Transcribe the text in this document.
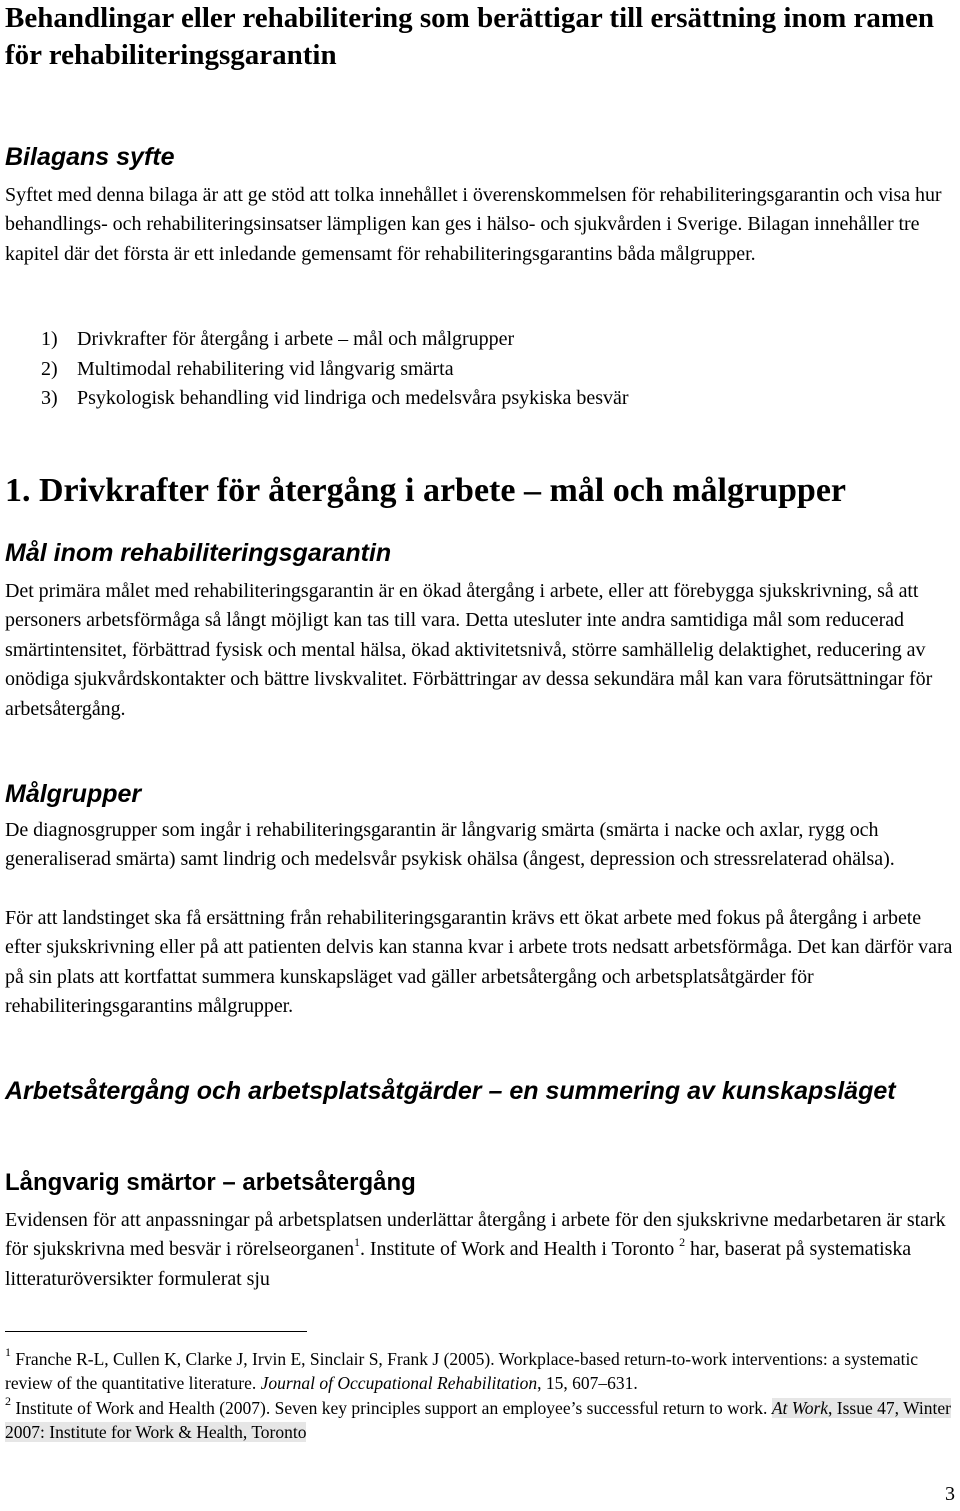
Behandlingar eller rehabilitering som berättigar till ersättning inom ramen för rehabiliteringsgarantin
Bilagans syfte

Syftet med denna bilaga är att ge stöd att tolka innehållet i överenskommelsen för rehabiliteringsgarantin och visa hur behandlings- och rehabiliteringsinsatser lämpligen kan ges i hälso- och sjukvården i Sverige. Bilagan innehåller tre kapitel där det första är ett inledande gemensamt för rehabiliteringsgarantins båda målgrupper.

1) Drivkrafter för återgång i arbete – mål och målgrupper
2) Multimodal rehabilitering vid långvarig smärta
3) Psykologisk behandling vid lindriga och medelsvåra psykiska besvär
1. Drivkrafter för återgång i arbete – mål och målgrupper
Mål inom rehabiliteringsgarantin

Det primära målet med rehabiliteringsgarantin är en ökad återgång i arbete, eller att förebygga sjukskrivning, så att personers arbetsförmåga så långt möjligt kan tas till vara. Detta utesluter inte andra samtidiga mål som reducerad smärtintensitet, förbättrad fysisk och mental hälsa, ökad aktivitetsnivå, större samhällelig delaktighet, reducering av onödiga sjukvårdskontakter och bättre livskvalitet. Förbättringar av dessa sekundära mål kan vara förutsättningar för arbetsåtergång.

Målgrupper

De diagnosgrupper som ingår i rehabiliteringsgarantin är långvarig smärta (smärta i nacke och axlar, rygg och generaliserad smärta) samt lindrig och medelsvår psykisk ohälsa (ångest, depression och stressrelaterad ohälsa).

För att landstinget ska få ersättning från rehabiliteringsgarantin krävs ett ökat arbete med fokus på återgång i arbete efter sjukskrivning eller på att patienten delvis kan stanna kvar i arbete trots nedsatt arbetsförmåga. Det kan därför vara på sin plats att kortfattat summera kunskapsläget vad gäller arbetsåtergång och arbetsplatsåtgärder för rehabiliteringsgarantins målgrupper.

Arbetsåtergång och arbetsplatsåtgärder – en summering av kunskapsläget
Långvarig smärtor – arbetsåtergång

Evidensen för att anpassningar på arbetsplatsen underlättar återgång i arbete för den sjukskrivne medarbetaren är stark för sjukskrivna med besvär i rörelseorganen$^1$. Institute of Work and Health i Toronto $^2$ har, baserat på systematiska litteraturöversikter formulerat sju

$^1$ Franche R-L, Cullen K, Clarke J, Irvin E, Sinclair S, Frank J (2005). Workplace-based return-to-work interventions: a systematic review of the quantitative literature. Journal of Occupational Rehabilitation, 15, 607–631.

$^2$ Institute of Work and Health (2007). Seven key principles support an employee’s successful return to work. At Work, Issue 47, Winter 2007: Institute for Work & Health, Toronto

3
